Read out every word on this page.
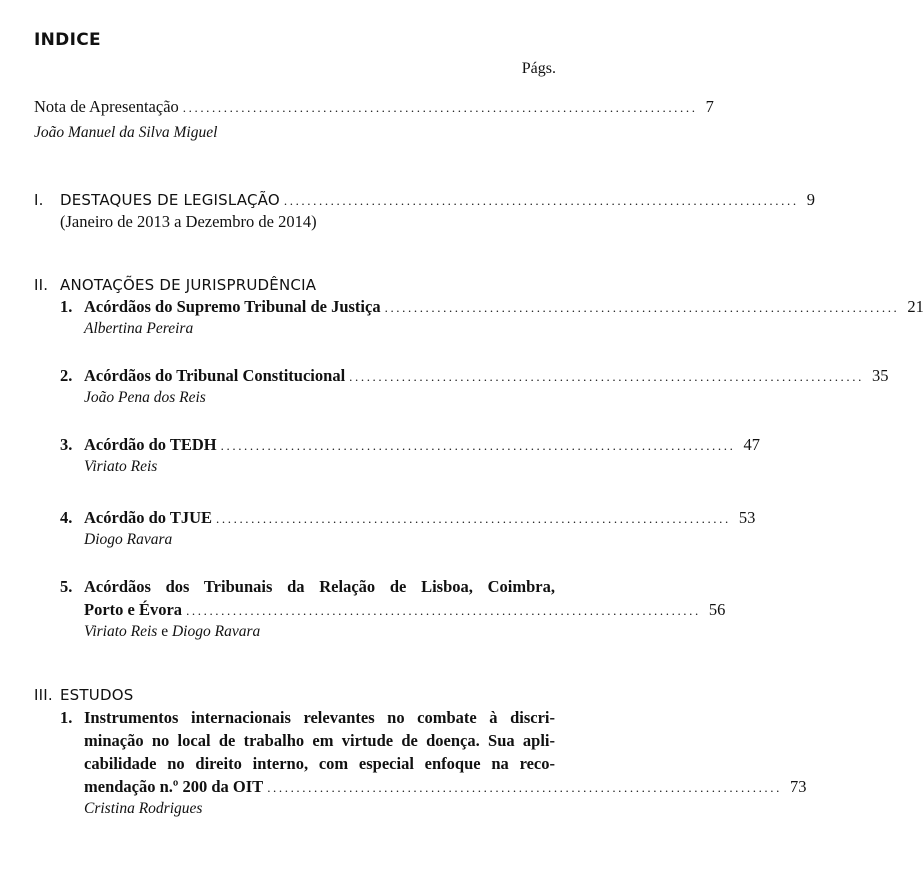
INDICE
Págs.
Nota de Apresentação ........................................................................................ 7
João Manuel da Silva Miguel
I. DESTAQUES DE LEGISLAÇÃO ........................................................................................ 9
(Janeiro de 2013 a Dezembro de 2014)
II. ANOTAÇÕES DE JURISPRUDÊNCIA
1. Acórdãos do Supremo Tribunal de Justiça ........................................................................................ 21
Albertina Pereira
2. Acórdãos do Tribunal Constitucional ........................................................................................ 35
João Pena dos Reis
3. Acórdão do TEDH ........................................................................................ 47
Viriato Reis
4. Acórdão do TJUE ........................................................................................ 53
Diogo Ravara
5. Acórdãos dos Tribunais da Relação de Lisboa, Coimbra,
Porto e Évora ........................................................................................ 56
Viriato Reis e Diogo Ravara
III. ESTUDOS
1. Instrumentos internacionais relevantes no combate à discri-
minação no local de trabalho em virtude de doença. Sua apli-
cabilidade no direito interno, com especial enfoque na reco-
mendação n.º 200 da OIT ........................................................................................ 73
Cristina Rodrigues
